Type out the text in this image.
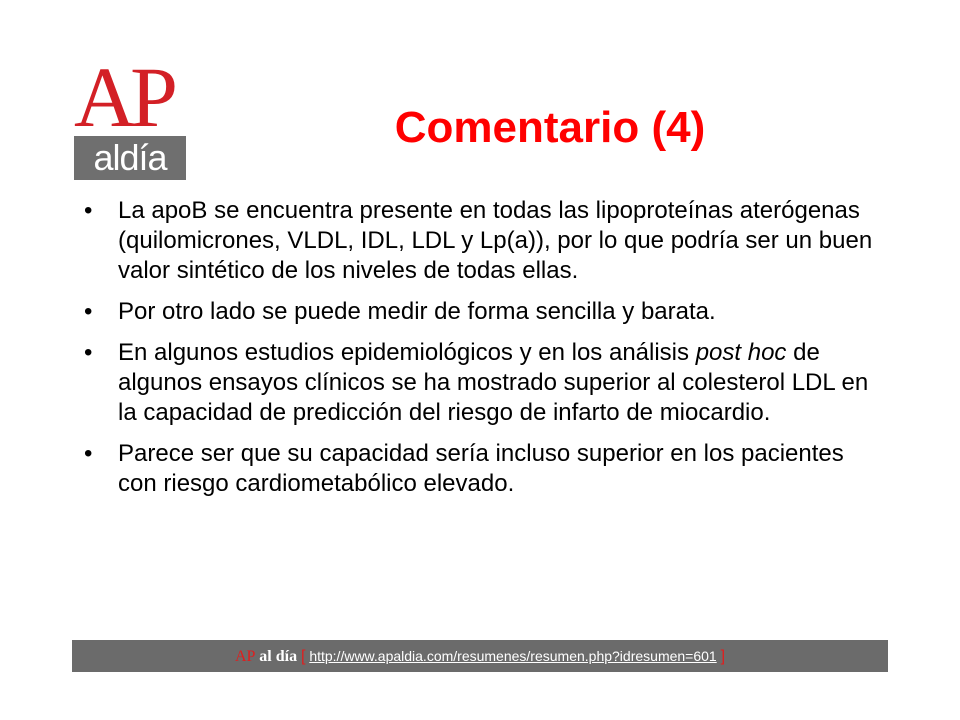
AP
aldía
Comentario (4)
• La apoB se encuentra presente en todas las lipoproteínas aterógenas (quilomicrones, VLDL, IDL, LDL y Lp(a)), por lo que podría ser un buen valor sintético de los niveles de todas ellas.
• Por otro lado se puede medir de forma sencilla y barata.
• En algunos estudios epidemiológicos y en los análisis post hoc de algunos ensayos clínicos se ha mostrado superior al colesterol LDL en la capacidad de predicción del riesgo de infarto de miocardio.
• Parece ser que su capacidad sería incluso superior en los pacientes con riesgo cardiometabólico elevado.
AP al día [ http://www.apaldia.com/resumenes/resumen.php?idresumen=601 ]
